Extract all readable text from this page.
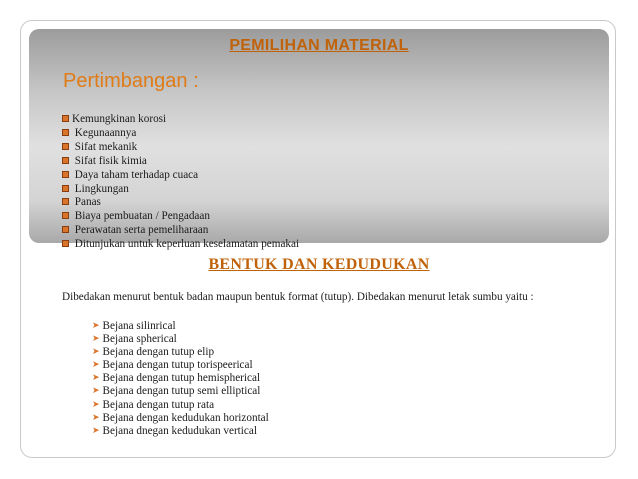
PEMILIHAN MATERIAL
Pertimbangan :
Kemungkinan korosi
Kegunaannya
Sifat mekanik
Sifat fisik kimia
Daya taham terhadap cuaca
Lingkungan
Panas
Biaya pembuatan / Pengadaan
Perawatan serta pemeliharaan
Ditunjukan untuk keperluan keselamatan pemakai
BENTUK DAN KEDUDUKAN

Dibedakan menurut bentuk badan maupun bentuk format (tutup). Dibedakan menurut letak sumbu yaitu :

➤ Bejana silinrical
➤ Bejana spherical
➤ Bejana dengan tutup elip
➤ Bejana dengan tutup torispeerical
➤ Bejana dengan tutup hemispherical
➤ Bejana dengan tutup semi elliptical
➤ Bejana dengan tutup rata
➤ Bejana dengan kedudukan horizontal
➤ Bejana dnegan kedudukan vertical
